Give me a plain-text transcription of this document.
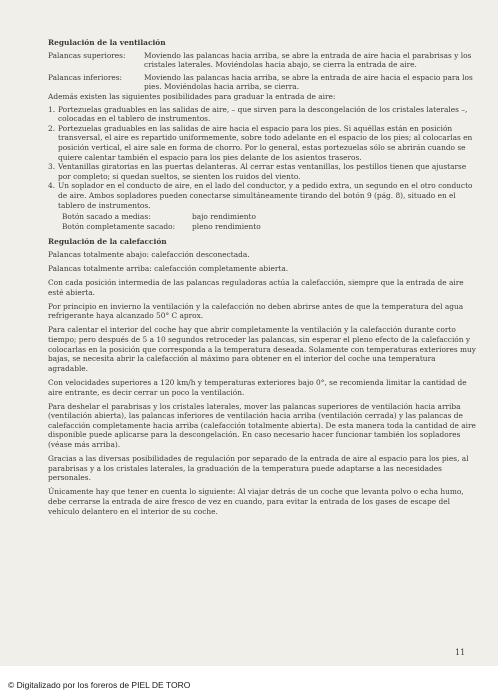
Regulación de la ventilación

Palancas superiores:	Moviendo las palancas hacia arriba, se abre la entrada de aire hacia el parabrisas y los cristales laterales. Moviéndolas hacia abajo, se cierra la entrada de aire.
Palancas inferiores:	Moviendo las palancas hacia arriba, se abre la entrada de aire hacia el espacio para los pies. Moviéndolas hacia arriba, se cierra.

Además existen las siguientes posibilidades para graduar la entrada de aire:

1. Portezuelas graduables en las salidas de aire, – que sirven para la descongelación de los cristales laterales –, colocadas en el tablero de instrumentos.
2. Portezuelas graduables en las salidas de aire hacia el espacio para los pies. Si aquéllas están en posición transversal, el aire es repartido uniformemente, sobre todo adelante en el espacio de los pies; al colocarlas en posición vertical, el aire sale en forma de chorro. Por lo general, estas portezuelas sólo se abrirán cuando se quiere calentar también el espacio para los pies delante de los asientos traseros.
3. Ventanillas giratorias en las puertas delanteras. Al cerrar estas ventanillas, los pestillos tienen que ajustarse por completo; si quedan sueltos, se sienten los ruidos del viento.
4. Un soplador en el conducto de aire, en el lado del conductor, y a pedido extra, un segundo en el otro conducto de aire. Ambos sopladores pueden conectarse simultáneamente tirando del botón 9 (pág. 8), situado en el tablero de instrumentos.
Botón sacado a medias:	bajo rendimiento
Botón completamente sacado:	pleno rendimiento

Regulación de la calefacción

Palancas totalmente abajo: calefacción desconectada.

Palancas totalmente arriba: calefacción completamente abierta.

Con cada posición intermedia de las palancas reguladoras actúa la calefacción, siempre que la entrada de aire esté abierta.

Por principio en invierno la ventilación y la calefacción no deben abrirse antes de que la temperatura del agua refrigerante haya alcanzado 50° C aprox.

Para calentar el interior del coche hay que abrir completamente la ventilación y la calefacción durante corto tiempo; pero después de 5 a 10 segundos retroceder las palancas, sin esperar el pleno efecto de la calefacción y colocarlas en la posición que corresponda a la temperatura deseada. Solamente con temperaturas exteriores muy bajas, se necesita abrir la calefacción al máximo para obtener en el interior del coche una temperatura agradable.

Con velocidades superiores a 120 km/h y temperaturas exteriores bajo 0°, se recomienda limitar la cantidad de aire entrante, es decir cerrar un poco la ventilación.

Para deshelar el parabrisas y los cristales laterales, mover las palancas superiores de ventilación hacia arriba (ventilación abierta), las palancas inferiores de ventilación hacia arriba (ventilación cerrada) y las palancas de calefacción completamente hacia arriba (calefacción totalmente abierta). De esta manera toda la cantidad de aire disponible puede aplicarse para la descongelación. En caso necesario hacer funcionar también los sopladores (véase más arriba).

Gracias a las diversas posibilidades de regulación por separado de la entrada de aire al espacio para los pies, al parabrisas y a los cristales laterales, la graduación de la temperatura puede adaptarse a las necesidades personales.

Únicamente hay que tener en cuenta lo siguiente: Al viajar detrás de un coche que levanta polvo o echa humo, debe cerrarse la entrada de aire fresco de vez en cuando, para evitar la entrada de los gases de escape del vehículo delantero en el interior de su coche.

11
© Digitalizado por los foreros de PIEL DE TORO
